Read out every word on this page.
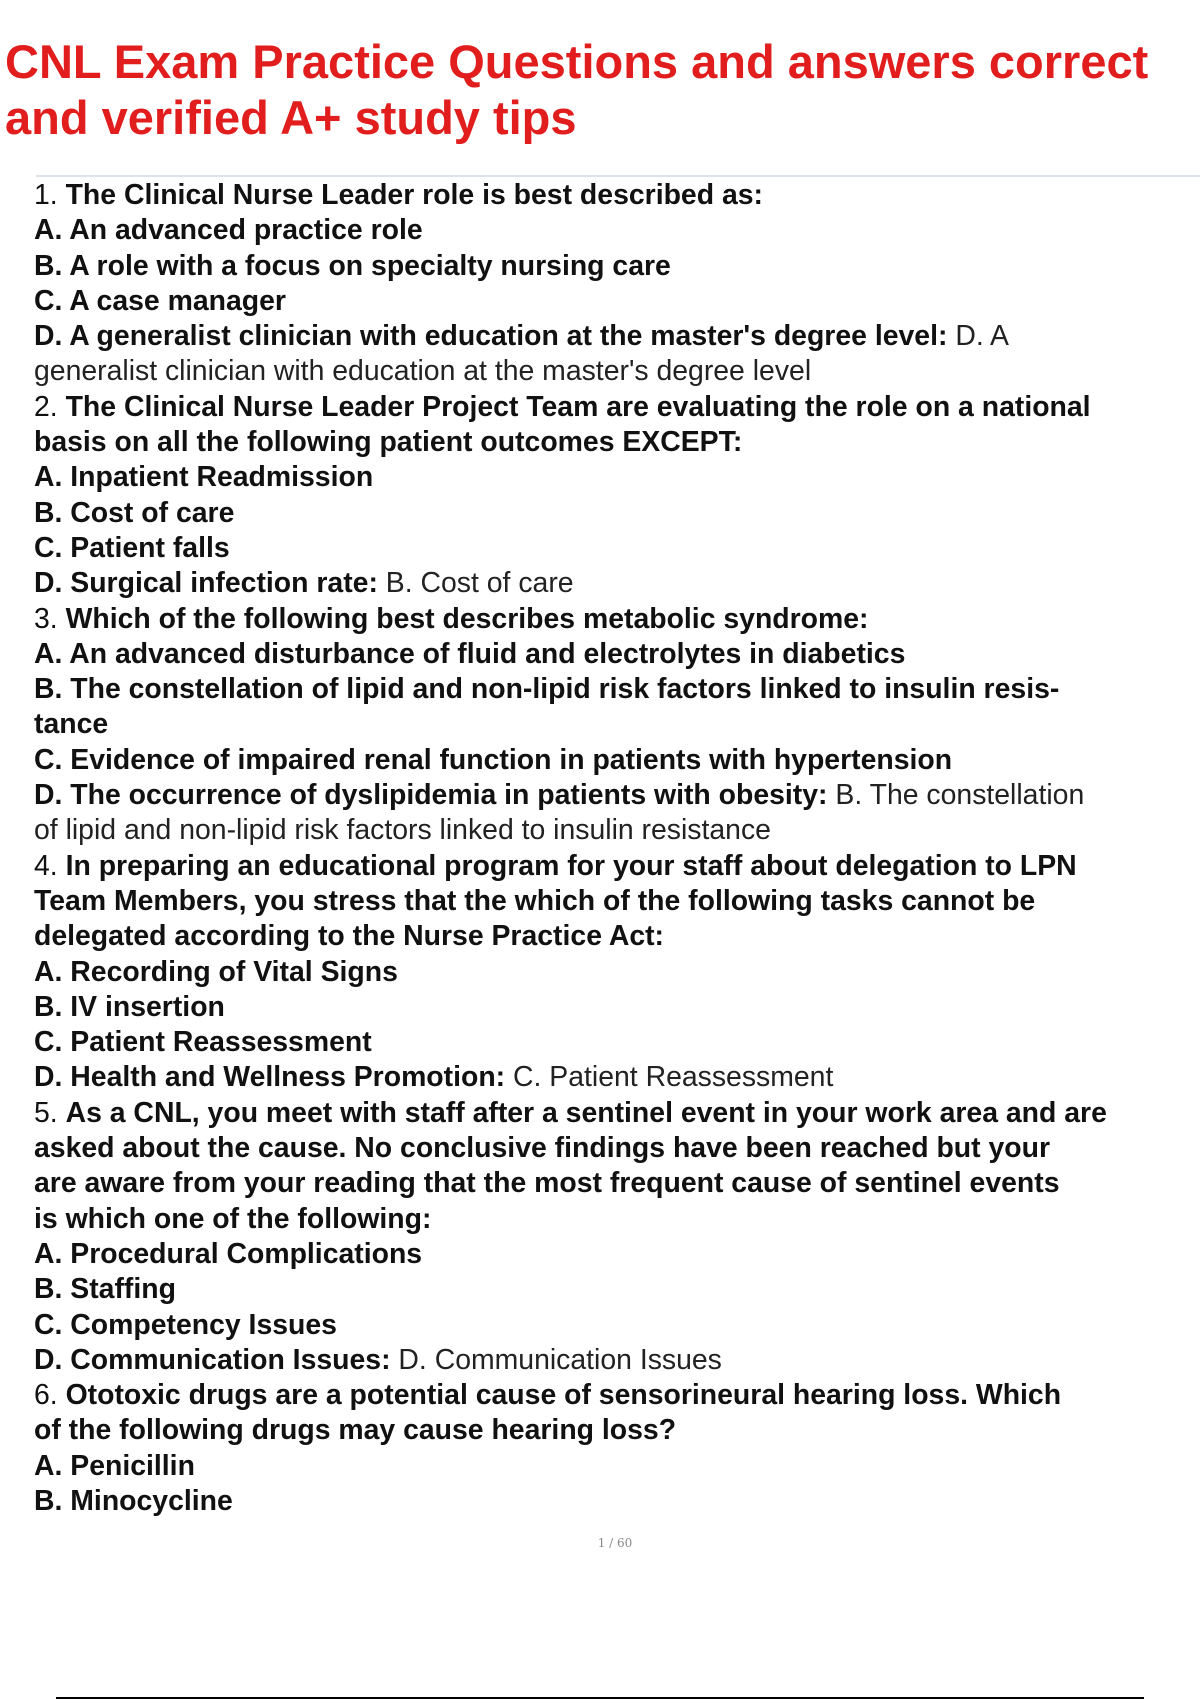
CNL Exam Practice Questions and answers correct
and verified A+ study tips
1. The Clinical Nurse Leader role is best described as:
A. An advanced practice role
B. A role with a focus on specialty nursing care
C. A case manager
D. A generalist clinician with education at the master's degree level: D. A
generalist clinician with education at the master's degree level
2. The Clinical Nurse Leader Project Team are evaluating the role on a national
basis on all the following patient outcomes EXCEPT:
A. Inpatient Readmission
B. Cost of care
C. Patient falls
D. Surgical infection rate: B. Cost of care
3. Which of the following best describes metabolic syndrome:
A. An advanced disturbance of fluid and electrolytes in diabetics
B. The constellation of lipid and non-lipid risk factors linked to insulin resis-
tance
C. Evidence of impaired renal function in patients with hypertension
D. The occurrence of dyslipidemia in patients with obesity: B. The constellation
of lipid and non-lipid risk factors linked to insulin resistance
4. In preparing an educational program for your staff about delegation to LPN
Team Members, you stress that the which of the following tasks cannot be
delegated according to the Nurse Practice Act:
A. Recording of Vital Signs
B. IV insertion
C. Patient Reassessment
D. Health and Wellness Promotion: C. Patient Reassessment
5. As a CNL, you meet with staff after a sentinel event in your work area and are
asked about the cause. No conclusive findings have been reached but your
are aware from your reading that the most frequent cause of sentinel events
is which one of the following:
A. Procedural Complications
B. Staffing
C. Competency Issues
D. Communication Issues: D. Communication Issues
6. Ototoxic drugs are a potential cause of sensorineural hearing loss. Which
of the following drugs may cause hearing loss?
A. Penicillin
B. Minocycline
1 / 60
